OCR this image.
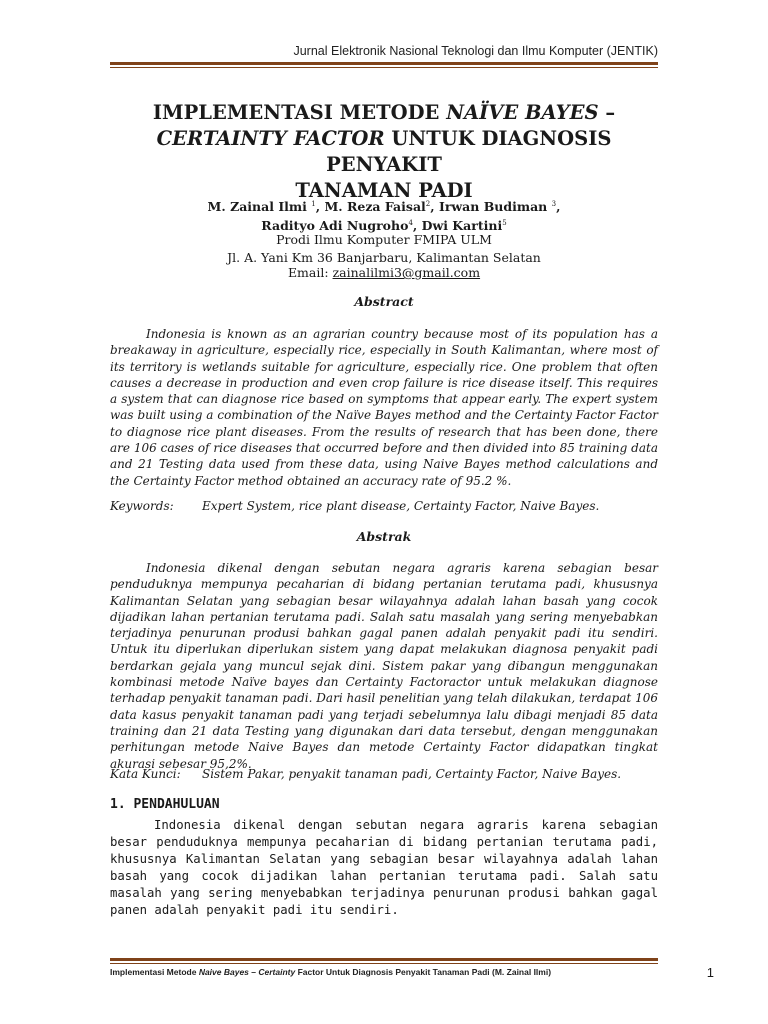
Jurnal Elektronik Nasional Teknologi dan Ilmu Komputer (JENTIK)
IMPLEMENTASI METODE NAÏVE BAYES –
CERTAINTY FACTOR UNTUK DIAGNOSIS PENYAKIT
TANAMAN PADI
M. Zainal Ilmi $^1$, M. Reza Faisal$^2$, Irwan Budiman $^3$,
Radityo Adi Nugroho$^4$, Dwi Kartini$^5$
Prodi Ilmu Komputer FMIPA ULM
Jl. A. Yani Km 36 Banjarbaru, Kalimantan Selatan
Email: zainalilmi3@gmail.com
Abstract
Indonesia is known as an agrarian country because most of its population has a breakaway in agriculture, especially rice, especially in South Kalimantan, where most of its territory is wetlands suitable for agriculture, especially rice. One problem that often causes a decrease in production and even crop failure is rice disease itself. This requires a system that can diagnose rice based on symptoms that appear early. The expert system was built using a combination of the Naïve Bayes method and the Certainty Factor Factor to diagnose rice plant diseases. From the results of research that has been done, there are 106 cases of rice diseases that occurred before and then divided into 85 training data and 21 Testing data used from these data, using Naive Bayes method calculations and the Certainty Factor method obtained an accuracy rate of 95.2 %.
Keywords: Expert System, rice plant disease, Certainty Factor, Naive Bayes.
Abstrak
Indonesia dikenal dengan sebutan negara agraris karena sebagian besar penduduknya mempunya pecaharian di bidang pertanian terutama padi, khususnya Kalimantan Selatan yang sebagian besar wilayahnya adalah lahan basah yang cocok dijadikan lahan pertanian terutama padi. Salah satu masalah yang sering menyebabkan terjadinya penurunan produsi bahkan gagal panen adalah penyakit padi itu sendiri. Untuk itu diperlukan diperlukan sistem yang dapat melakukan diagnosa penyakit padi berdarkan gejala yang muncul sejak dini. Sistem pakar yang dibangun menggunakan kombinasi metode Naïve bayes dan Certainty Factoractor untuk melakukan diagnose terhadap penyakit tanaman padi. Dari hasil penelitian yang telah dilakukan, terdapat 106 data kasus penyakit tanaman padi yang terjadi sebelumnya lalu dibagi menjadi 85 data training dan 21 data Testing yang digunakan dari data tersebut, dengan menggunakan perhitungan metode Naive Bayes dan metode Certainty Factor didapatkan tingkat akurasi sebesar 95,2%.
Kata Kunci: Sistem Pakar, penyakit tanaman padi, Certainty Factor, Naive Bayes.
1. PENDAHULUAN
Indonesia dikenal dengan sebutan negara agraris karena sebagian besar penduduknya mempunya pecaharian di bidang pertanian terutama padi, khususnya Kalimantan Selatan yang sebagian besar wilayahnya adalah lahan basah yang cocok dijadikan lahan pertanian terutama padi. Salah satu masalah yang sering menyebabkan terjadinya penurunan produsi bahkan gagal panen adalah penyakit padi itu sendiri.
Implementasi Metode Naive Bayes – Certainty Factor Untuk Diagnosis Penyakit Tanaman Padi (M. Zainal Ilmi)	1
